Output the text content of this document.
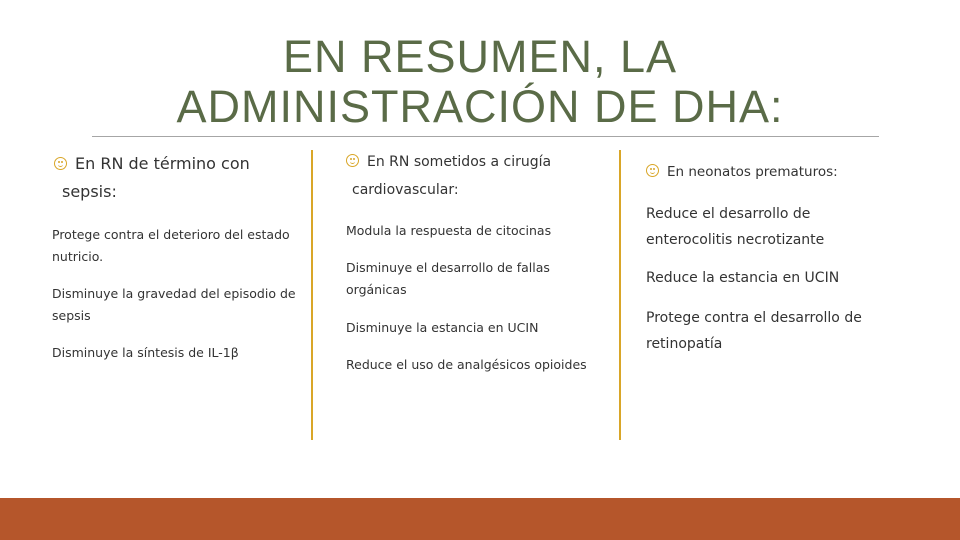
EN RESUMEN, LA
ADMINISTRACIÓN DE DHA:
En RN de término con
sepsis:
Protege contra el deterioro del estado
nutricio.
Disminuye la gravedad del episodio de
sepsis
Disminuye la síntesis de IL-1β
En RN sometidos a cirugía
cardiovascular:
Modula la respuesta de citocinas
Disminuye el desarrollo de fallas
orgánicas
Disminuye la estancia en UCIN
Reduce el uso de analgésicos opioides
En neonatos prematuros:
Reduce el desarrollo de
enterocolitis necrotizante
Reduce la estancia en UCIN
Protege contra el desarrollo de
retinopatía
